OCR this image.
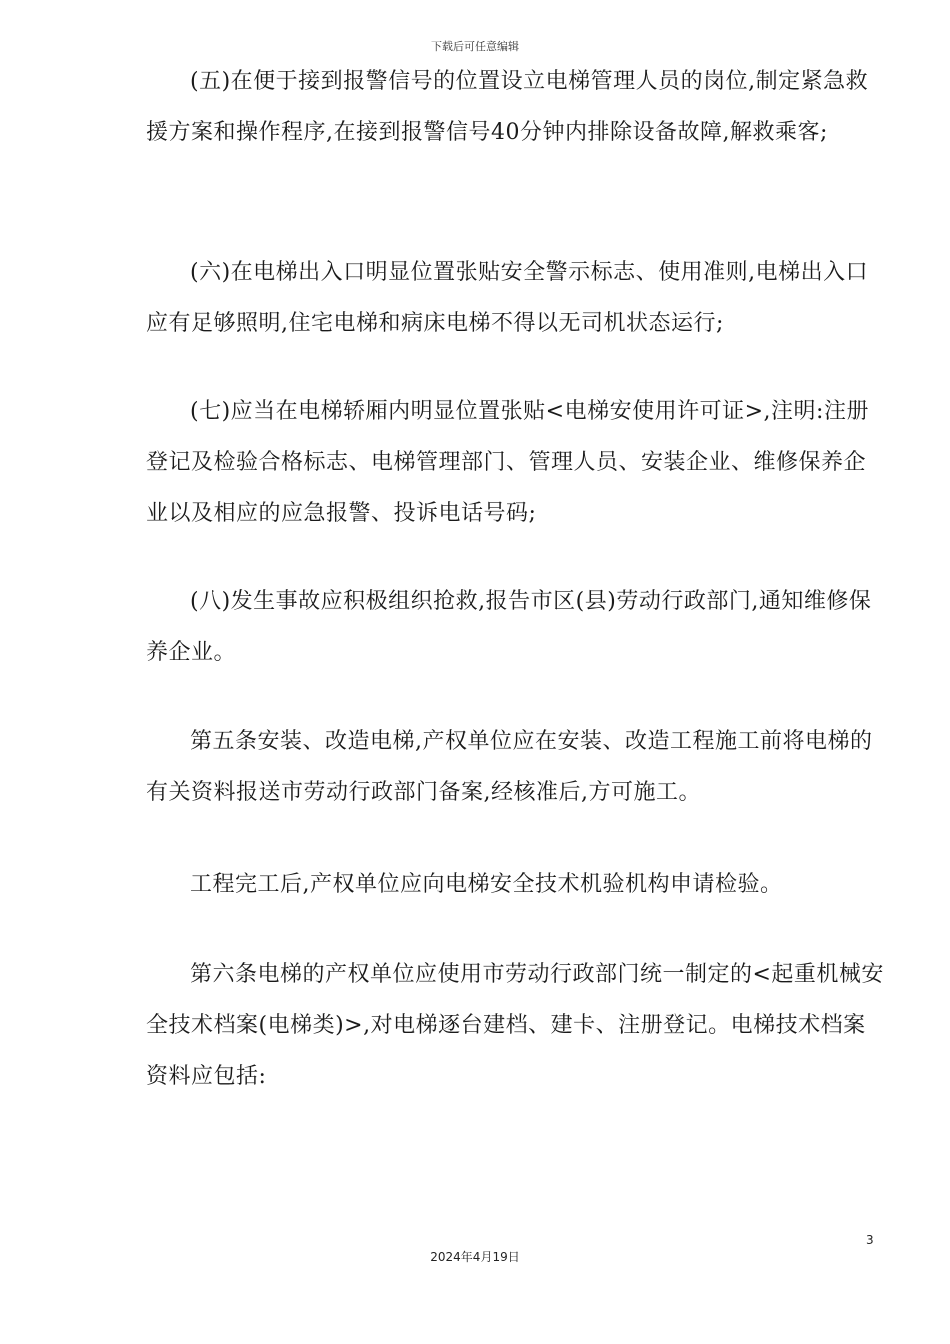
下载后可任意编辑

(五)在便于接到报警信号的位置设立电梯管理人员的岗位,制定紧急救援方案和操作程序,在接到报警信号40分钟内排除设备故障,解救乘客;

(六)在电梯出入口明显位置张贴安全警示标志、使用准则,电梯出入口应有足够照明,住宅电梯和病床电梯不得以无司机状态运行;

(七)应当在电梯轿厢内明显位置张贴<电梯安使用许可证>,注明:注册登记及检验合格标志、电梯管理部门、管理人员、安装企业、维修保养企业以及相应的应急报警、投诉电话号码;

(八)发生事故应积极组织抢救,报告市区(县)劳动行政部门,通知维修保养企业。

第五条安装、改造电梯,产权单位应在安装、改造工程施工前将电梯的有关资料报送市劳动行政部门备案,经核准后,方可施工。

工程完工后,产权单位应向电梯安全技术机验机构申请检验。

第六条电梯的产权单位应使用市劳动行政部门统一制定的<起重机械安全技术档案(电梯类)>,对电梯逐台建档、建卡、注册登记。电梯技术档案资料应包括:

3
2024年4月19日
